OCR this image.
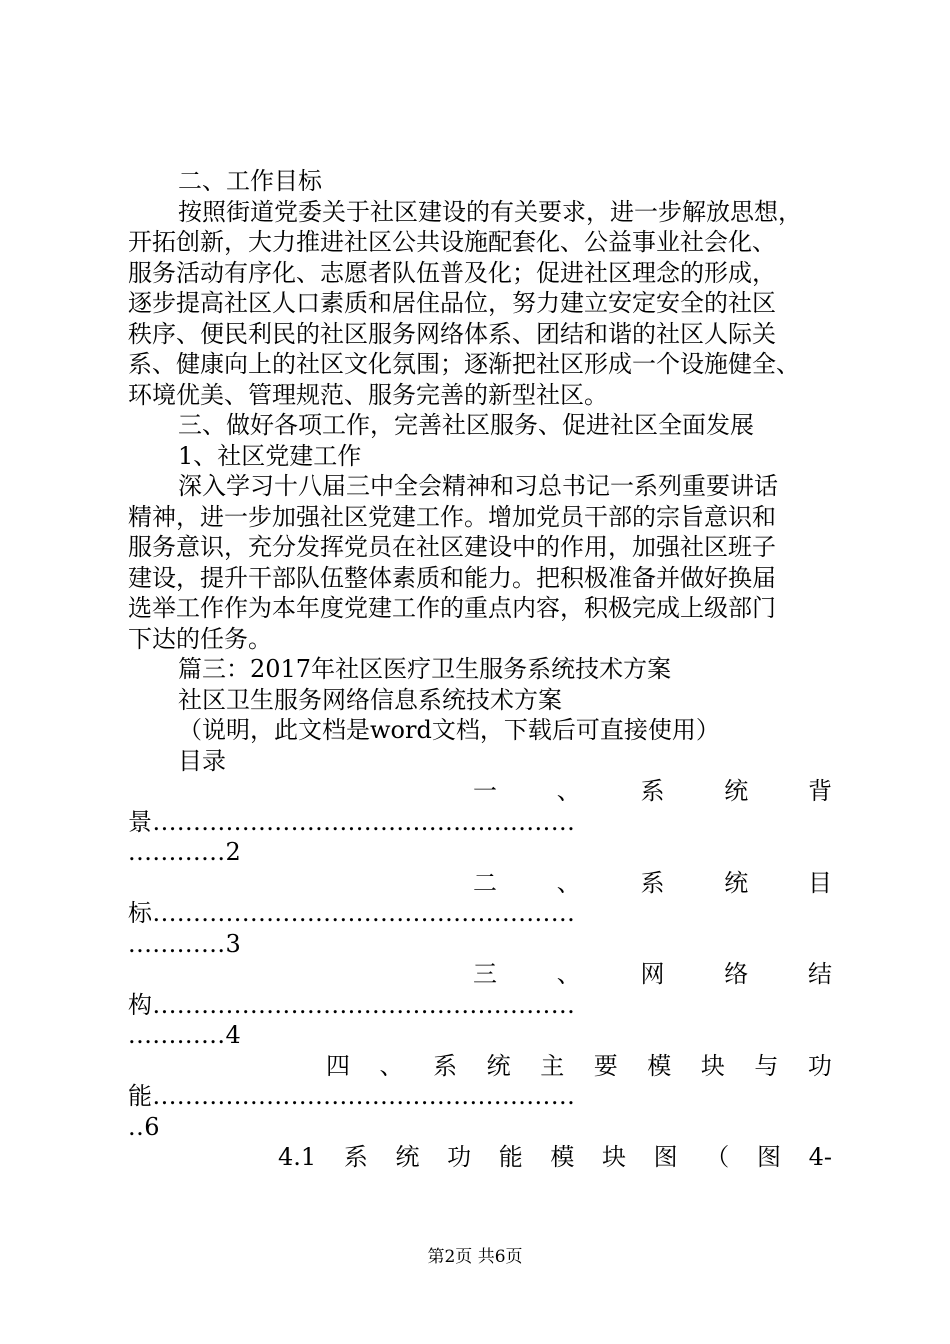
二、工作目标
按照街道党委关于社区建设的有关要求，进一步解放思想，
开拓创新，大力推进社区公共设施配套化、公益事业社会化、
服务活动有序化、志愿者队伍普及化；促进社区理念的形成，
逐步提高社区人口素质和居住品位，努力建立安定安全的社区
秩序、便民利民的社区服务网络体系、团结和谐的社区人际关
系、健康向上的社区文化氛围；逐渐把社区形成一个设施健全、
环境优美、管理规范、服务完善的新型社区。
三、做好各项工作，完善社区服务、促进社区全面发展
1、社区党建工作
深入学习十八届三中全会精神和习总书记一系列重要讲话
精神，进一步加强社区党建工作。增加党员干部的宗旨意识和
服务意识，充分发挥党员在社区建设中的作用，加强社区班子
建设，提升干部队伍整体素质和能力。把积极准备并做好换届
选举工作作为本年度党建工作的重点内容，积极完成上级部门
下达的任务。
篇三：2017年社区医疗卫生服务系统技术方案
社区卫生服务网络信息系统技术方案
（说明，此文档是word文档，下载后可直接使用）
目录
一 、 系 统 背
景....................................................
............2
二 、 系 统 目
标....................................................
............3
三 、 网 络 结
构....................................................
............4
四 、 系 统 主 要 模 块 与 功
能....................................................
..6
4.1 系 统 功 能 模 块 图 （ 图 4-
第2页 共6页
